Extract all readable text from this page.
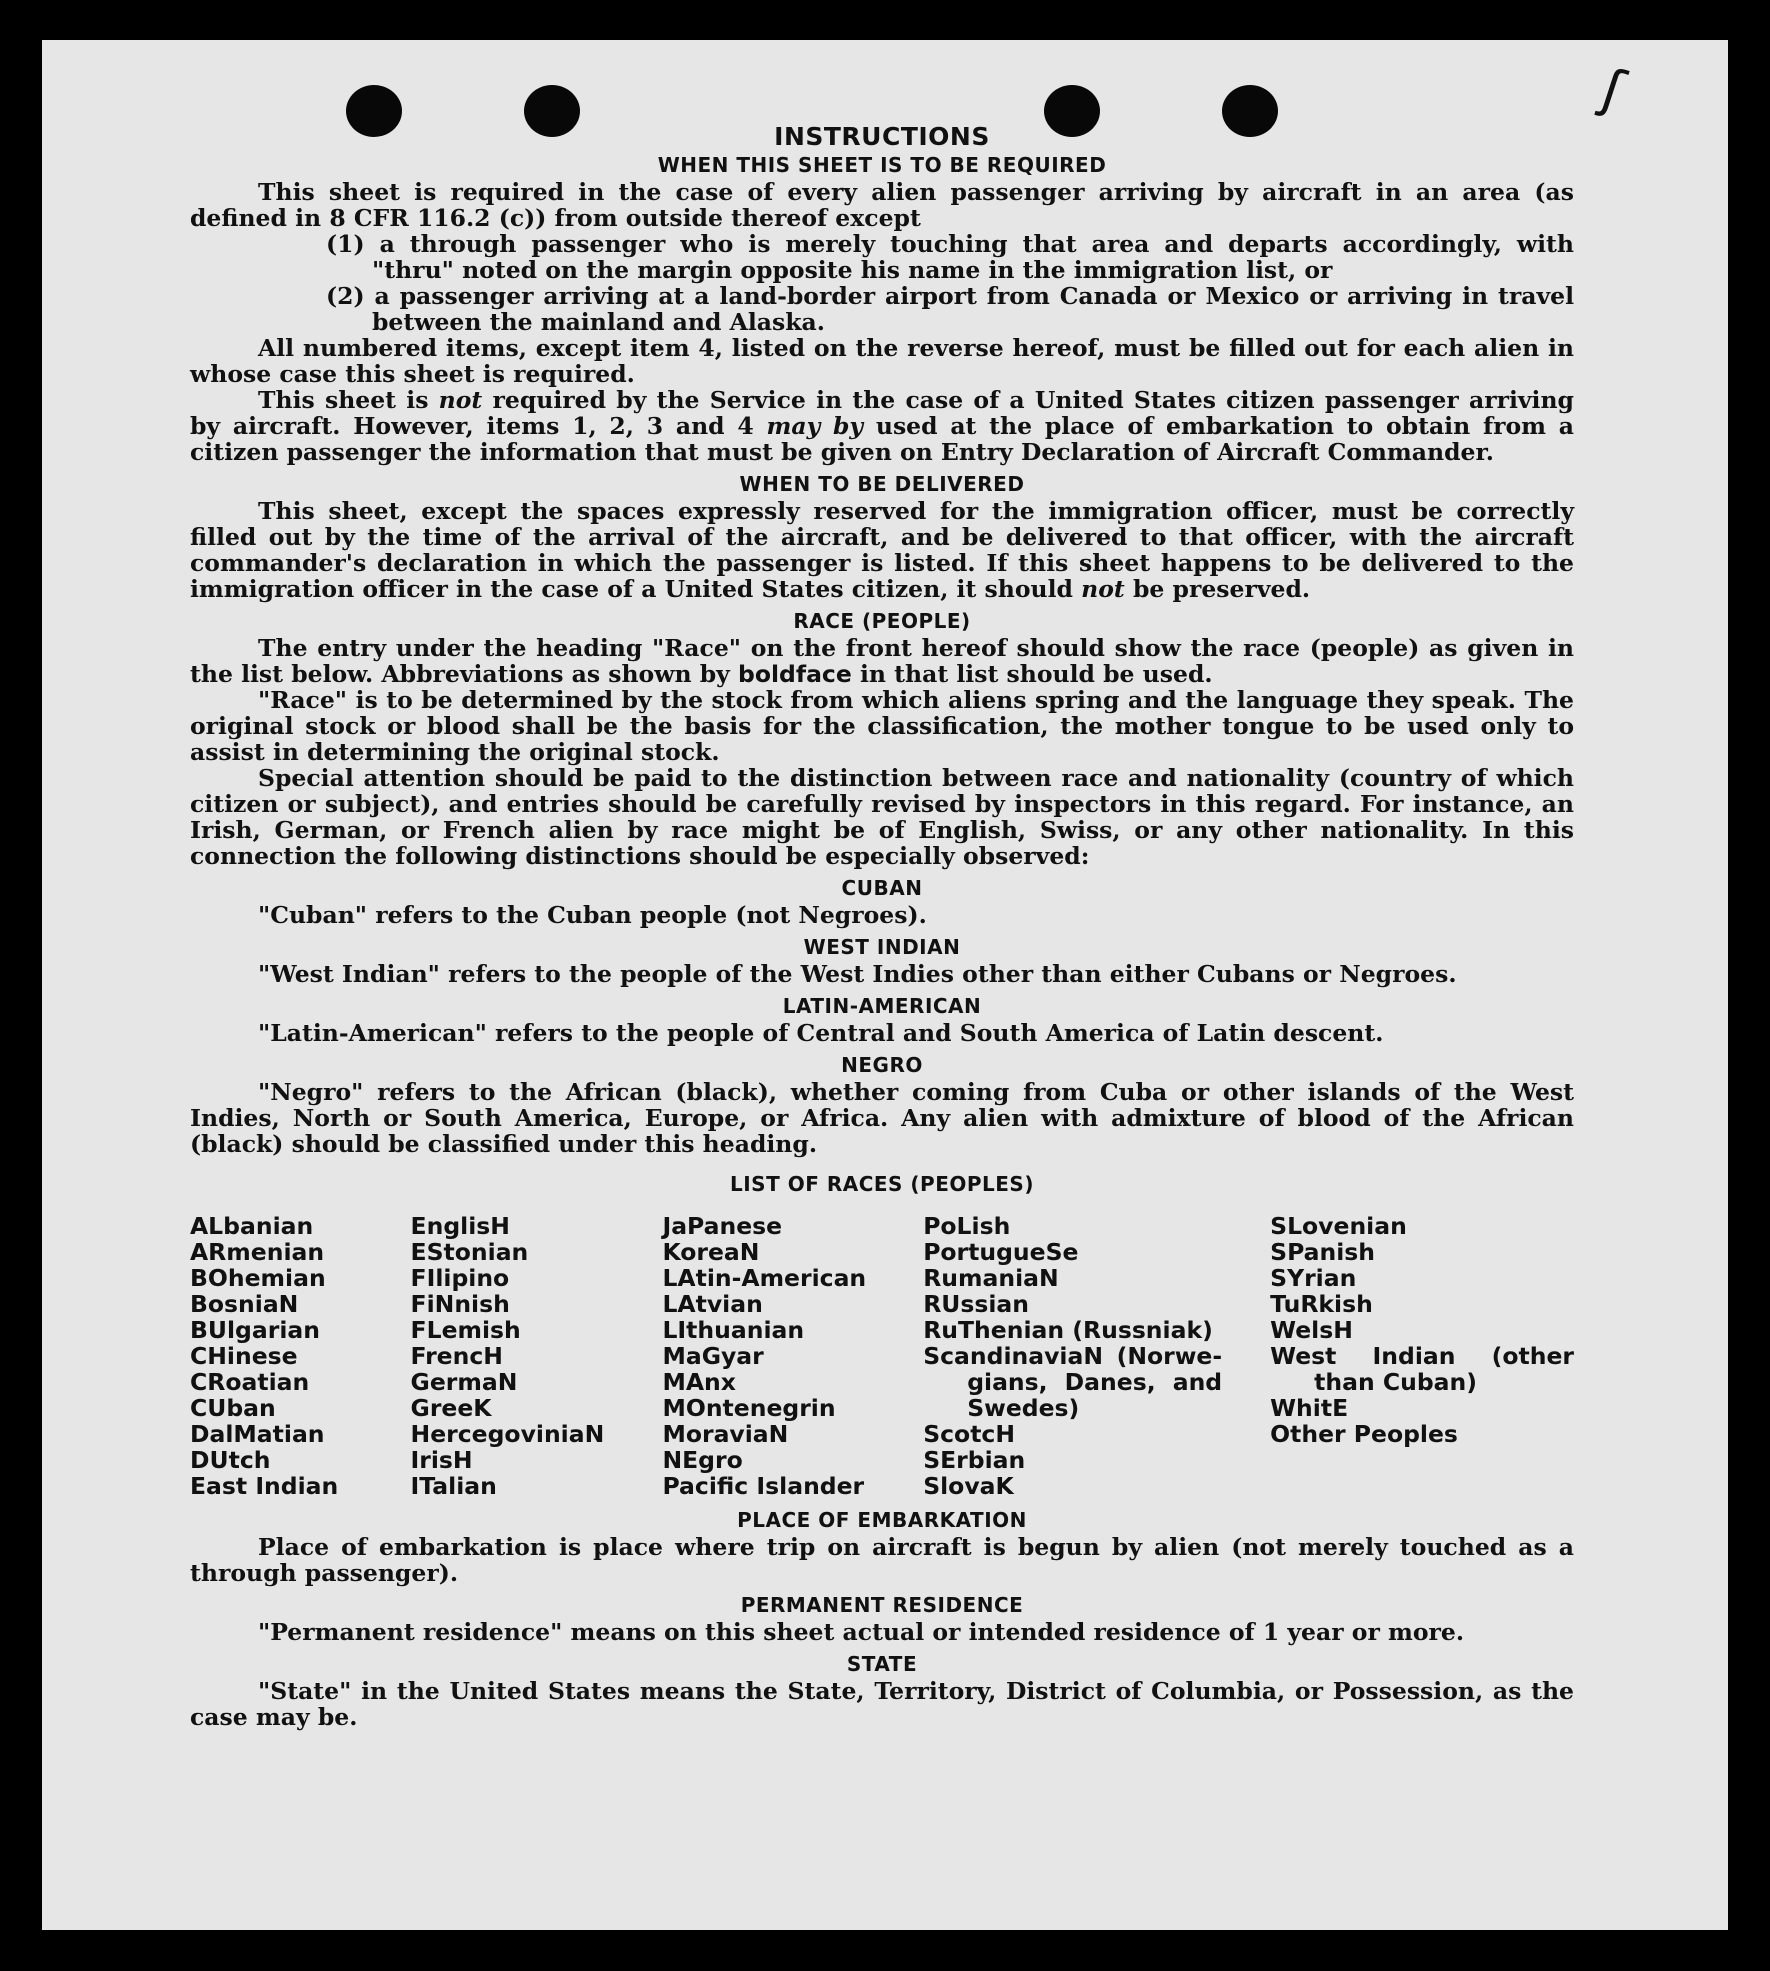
ʃ
INSTRUCTIONS
WHEN THIS SHEET IS TO BE REQUIRED

This sheet is required in the case of every alien passenger arriving by aircraft in an area (as defined in 8 CFR 116.2 (c)) from outside thereof except

(1) a through passenger who is merely touching that area and departs accordingly, with "thru" noted on the margin opposite his name in the immigration list, or

(2) a passenger arriving at a land-border airport from Canada or Mexico or arriving in travel between the mainland and Alaska.

All numbered items, except item 4, listed on the reverse hereof, must be filled out for each alien in whose case this sheet is required.

This sheet is not required by the Service in the case of a United States citizen passenger arriving by aircraft. However, items 1, 2, 3 and 4 may by used at the place of embarkation to obtain from a citizen passenger the information that must be given on Entry Declaration of Aircraft Commander.

WHEN TO BE DELIVERED

This sheet, except the spaces expressly reserved for the immigration officer, must be correctly filled out by the time of the arrival of the aircraft, and be delivered to that officer, with the aircraft commander's declaration in which the passenger is listed. If this sheet happens to be delivered to the immigration officer in the case of a United States citizen, it should not be preserved.

RACE (PEOPLE)

The entry under the heading "Race" on the front hereof should show the race (people) as given in the list below. Abbreviations as shown by boldface in that list should be used.

"Race" is to be determined by the stock from which aliens spring and the language they speak. The original stock or blood shall be the basis for the classification, the mother tongue to be used only to assist in determining the original stock.

Special attention should be paid to the distinction between race and nationality (country of which citizen or subject), and entries should be carefully revised by inspectors in this regard. For instance, an Irish, German, or French alien by race might be of English, Swiss, or any other nationality. In this connection the following distinctions should be especially observed:

CUBAN

"Cuban" refers to the Cuban people (not Negroes).

WEST INDIAN

"West Indian" refers to the people of the West Indies other than either Cubans or Negroes.

LATIN-AMERICAN

"Latin-American" refers to the people of Central and South America of Latin descent.

NEGRO

"Negro" refers to the African (black), whether coming from Cuba or other islands of the West Indies, North or South America, Europe, or Africa. Any alien with admixture of blood of the African (black) should be classified under this heading.

LIST OF RACES (PEOPLES)
ALbanian
ARmenian
BOhemian
BosniaN
BUlgarian
CHinese
CRoatian
CUban
DalMatian
DUtch
East Indian
EnglisH
EStonian
FIlipino
FiNnish
FLemish
FrencH
GermaN
GreeK
HercegoviniaN
IrisH
ITalian
JaPanese
KoreaN
LAtin-American
LAtvian
LIthuanian
MaGyar
MAnx
MOntenegrin
MoraviaN
NEgro
Pacific Islander
PoLish
PortugueSe
RumaniaN
RUssian
RuThenian (Russniak)
ScandinaviaN (Norwe-gians, Danes, and Swedes)
ScotcH
SErbian
SlovaK
SLovenian
SPanish
SYrian
TuRkish
WelsH
West Indian (other than Cuban)
WhitE
Other Peoples
PLACE OF EMBARKATION

Place of embarkation is place where trip on aircraft is begun by alien (not merely touched as a through passenger).

PERMANENT RESIDENCE

"Permanent residence" means on this sheet actual or intended residence of 1 year or more.

STATE

"State" in the United States means the State, Territory, District of Columbia, or Possession, as the case may be.
